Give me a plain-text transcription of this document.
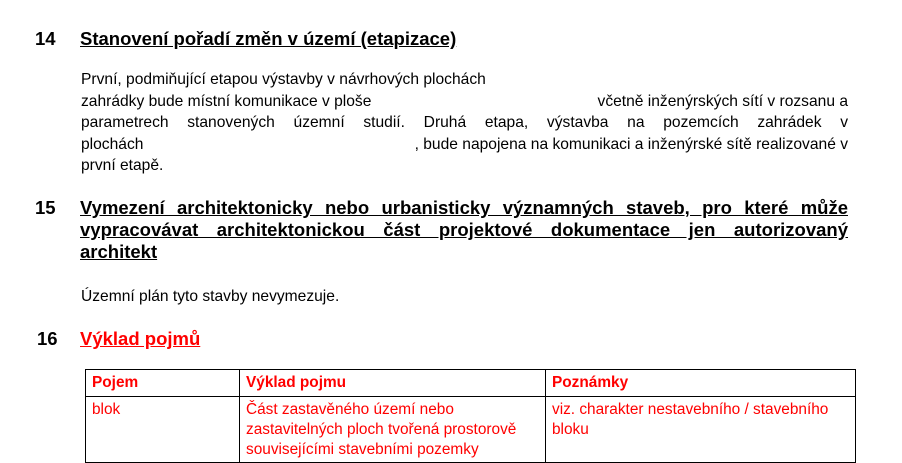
14 Stanovení pořadí změn v území (etapizace)
První, podmiňující etapou výstavby v návrhových plochách
zahrádky bude místní komunikace v ploše	včetně inženýrských sítí v rozsanu a
parametrech stanovených územní studií. Druhá etapa, výstavba na pozemcích zahrádek v
plochách	, bude napojena na komunikaci a inženýrské sítě realizované v
první etapě.
15 Vymezení architektonicky nebo urbanisticky významných staveb, pro které může vypracovávat architektonickou část projektové dokumentace jen autorizovaný architekt
Územní plán tyto stavby nevymezuje.
16 Výklad pojmů
Pojem	Výklad pojmu	Poznámky
blok	Část zastavěného území nebo zastavitelných ploch tvořená prostorově souvisejícími stavebními pozemky	viz. charakter nestavebního / stavebního bloku
